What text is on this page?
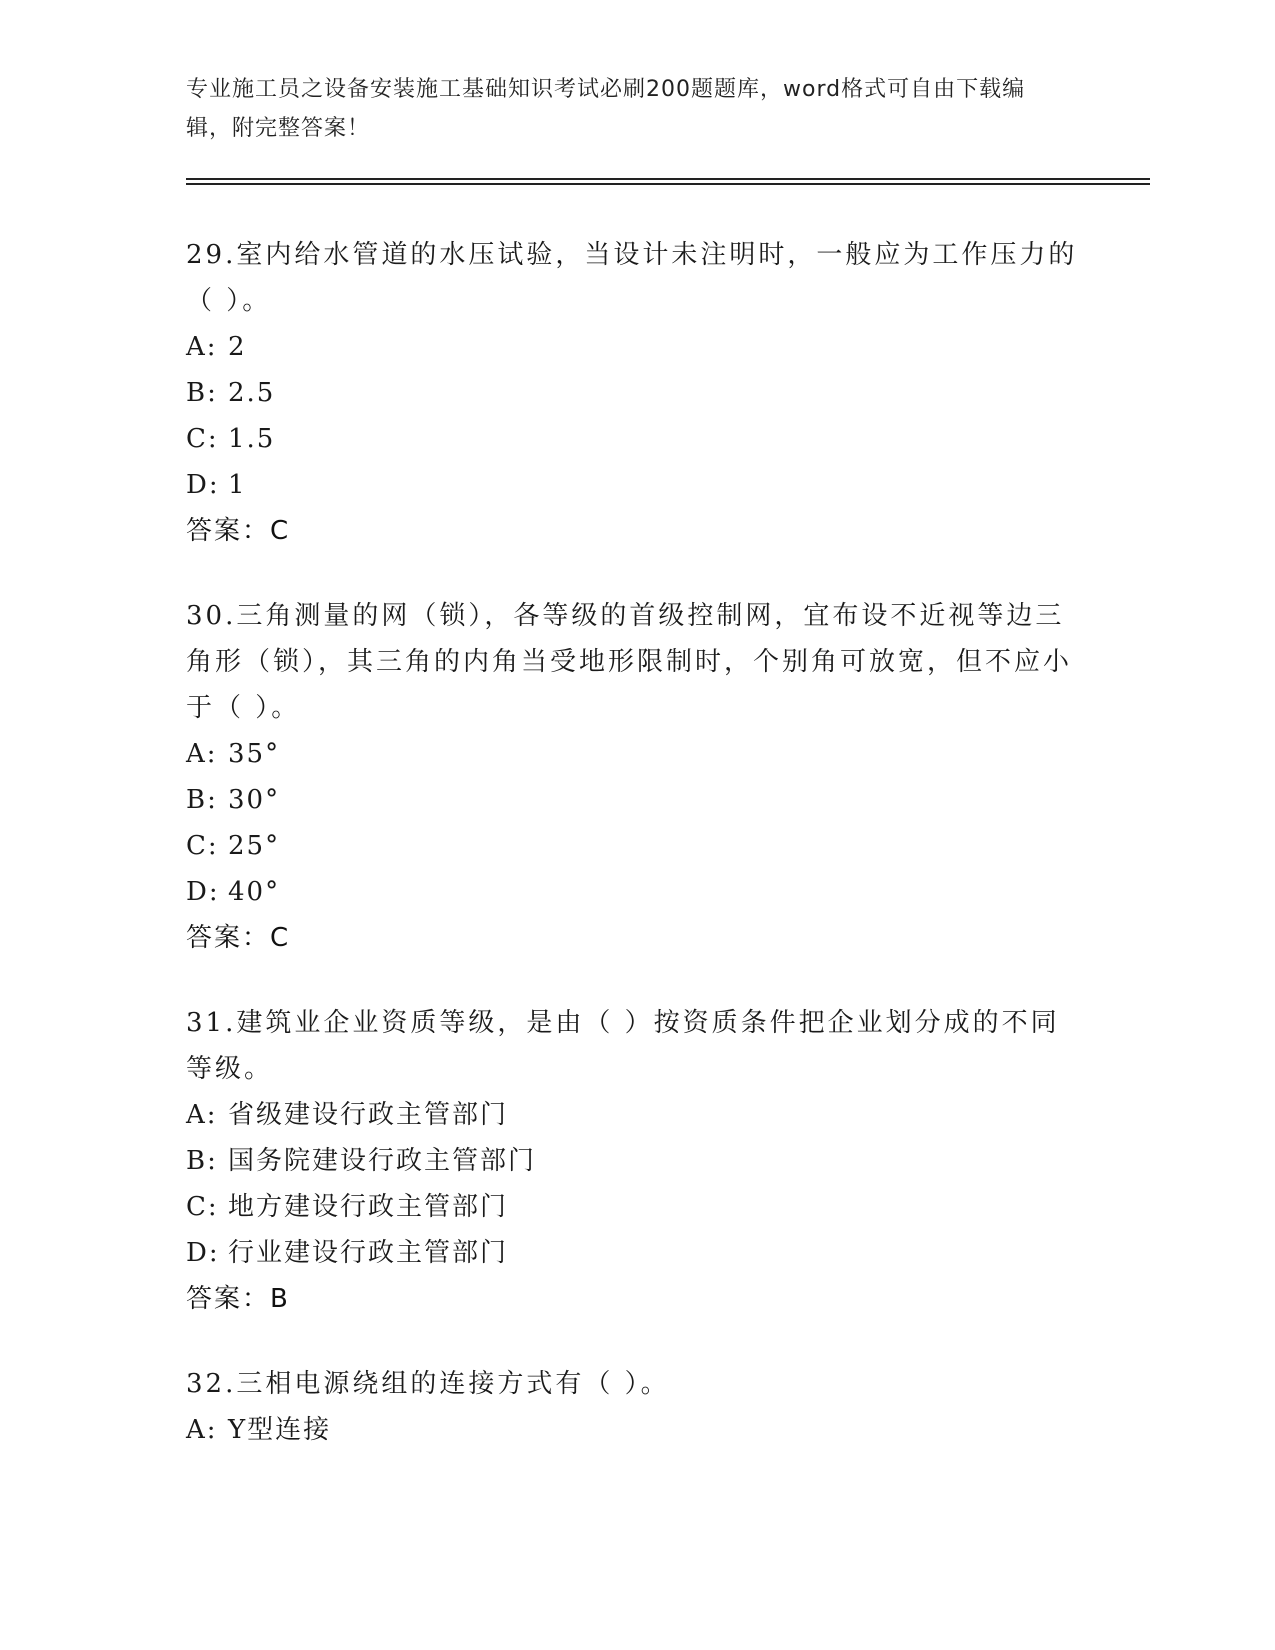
专业施工员之设备安装施工基础知识考试必刷200题题库，word格式可自由下载编辑，附完整答案！

29.室内给水管道的水压试验，当设计未注明时，一般应为工作压力的（ ）。

A: 2
B: 2.5
C: 1.5
D: 1
答案：C

30.三角测量的网（锁），各等级的首级控制网，宜布设不近视等边三角形（锁），其三角的内角当受地形限制时，个别角可放宽，但不应小于（ ）。

A: 35°
B: 30°
C: 25°
D: 40°
答案：C

31.建筑业企业资质等级，是由（ ）按资质条件把企业划分成的不同等级。

A: 省级建设行政主管部门
B: 国务院建设行政主管部门
C: 地方建设行政主管部门
D: 行业建设行政主管部门
答案：B

32.三相电源绕组的连接方式有（ ）。

A: Y型连接
